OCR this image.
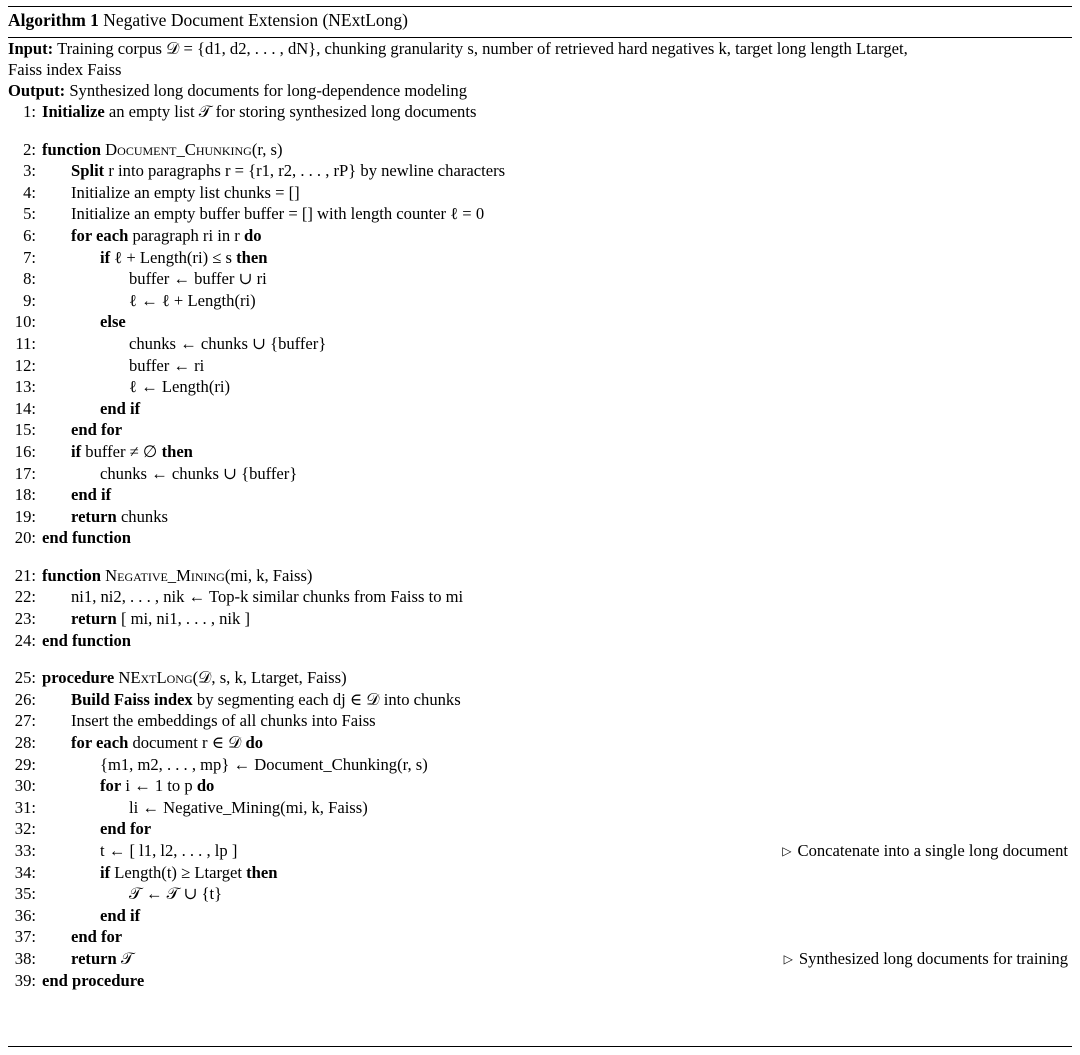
Algorithm 1 Negative Document Extension (NExtLong)
Input: Training corpus 𝒟 = {d1, d2, . . . , dN}, chunking granularity s, number of retrieved hard negatives k, target long length Ltarget,
Faiss index Faiss
Output: Synthesized long documents for long-dependence modeling
1: Initialize an empty list 𝒯 for storing synthesized long documents
2: function Document_Chunking(r, s)
3: Split r into paragraphs r = {r1, r2, . . . , rP} by newline characters
4: Initialize an empty list chunks = []
5: Initialize an empty buffer buffer = [] with length counter ℓ = 0
6: for each paragraph ri in r do
7:	if ℓ + Length(ri) ≤ s then
8:	buffer ← buffer ∪ ri
9:	ℓ ← ℓ + Length(ri)
10:	else
11:	chunks ← chunks ∪ {buffer}
12:	buffer ← ri
13:	ℓ ← Length(ri)
14:	end if
15: end for
16: if buffer ≠ ∅ then
17:	chunks ← chunks ∪ {buffer}
18: end if
19: return chunks
20: end function
21: function Negative_Mining(mi, k, Faiss)
22: ni1, ni2, . . . , nik ← Top-k similar chunks from Faiss to mi
23: return [ mi, ni1, . . . , nik ]
24: end function
25: procedure NExtLong(𝒟, s, k, Ltarget, Faiss)
26: Build Faiss index by segmenting each dj ∈ 𝒟 into chunks
27: Insert the embeddings of all chunks into Faiss
28: for each document r ∈ 𝒟 do
29:	{m1, m2, . . . , mp} ← Document_Chunking(r, s)
30:	for i ← 1 to p do
31:	li ← Negative_Mining(mi, k, Faiss)
32:	end for
33:	t ← [ l1, l2, . . . , lp ]	▷ Concatenate into a single long document
34:	if Length(t) ≥ Ltarget then
35:	𝒯 ← 𝒯 ∪ {t}
36:	end if
37: end for
38: return 𝒯	▷ Synthesized long documents for training
39: end procedure
